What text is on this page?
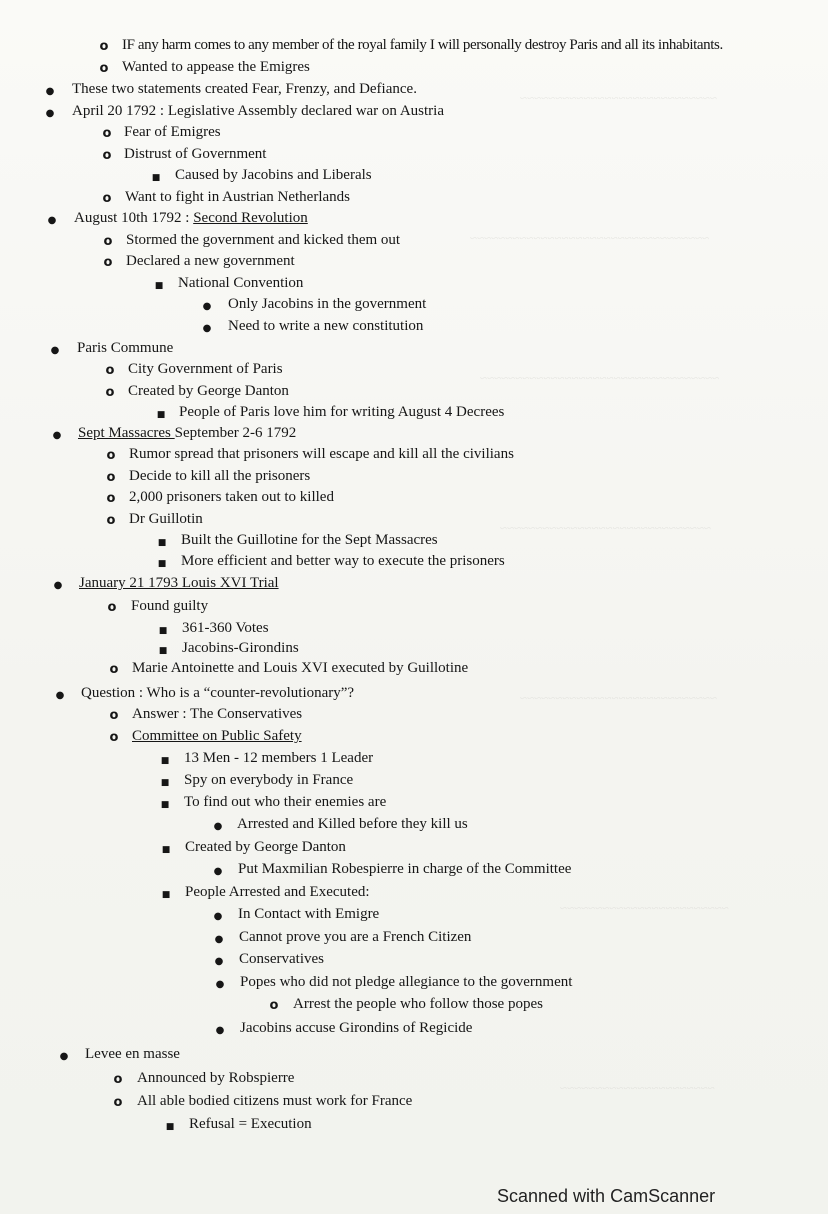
~~~~~~~~~~~~~~~~~~~~~~~~~~~~
~~~~~~~~~~~~~~~~~~~~~~~~~~~~~~~~~~
~~~~~~~~~~~~~~~~~~~~~~~~~~~~~~~~~~
~~~~~~~~~~~~~~~~~~~~~~~~~~~~~~
~~~~~~~~~~~~~~~~~~~~~~~~~~~~
~~~~~~~~~~~~~~~~~~~~~~~~
~~~~~~~~~~~~~~~~~~~~~~
o
IF any harm comes to any member of the royal family I will personally destroy Paris and all its inhabitants.
o
Wanted to appease the Emigres
●
These two statements created Fear, Frenzy, and Defiance.
●
April 20 1792 : Legislative Assembly declared war on Austria
o
Fear of Emigres
o
Distrust of Government
■
Caused by Jacobins and Liberals
o
Want to fight in Austrian Netherlands
●
August 10th 1792 : Second Revolution
o
Stormed the government and kicked them out
o
Declared a new government
■
National Convention
●
Only Jacobins in the government
●
Need to write a new constitution
●
Paris Commune
o
City Government of Paris
o
Created by George Danton
■
People of Paris love him for writing August 4 Decrees
●
Sept Massacres September 2-6 1792
o
Rumor spread that prisoners will escape and kill all the civilians
o
Decide to kill all the prisoners
o
2,000 prisoners taken out to killed
o
Dr Guillotin
■
Built the Guillotine for the Sept Massacres
■
More efficient and better way to execute the prisoners
●
January 21 1793 Louis XVI Trial
o
Found guilty
■
361-360 Votes
■
Jacobins-Girondins
o
Marie Antoinette and Louis XVI executed by Guillotine
●
Question : Who is a “counter-revolutionary”?
o
Answer : The Conservatives
o
Committee on Public Safety
■
13 Men - 12 members 1 Leader
■
Spy on everybody in France
■
To find out who their enemies are
●
Arrested and Killed before they kill us
■
Created by George Danton
●
Put Maxmilian Robespierre in charge of the Committee
■
People Arrested and Executed:
●
In Contact with Emigre
●
Cannot prove you are a French Citizen
●
Conservatives
●
Popes who did not pledge allegiance to the government
o
Arrest the people who follow those popes
●
Jacobins accuse Girondins of Regicide
●
Levee en masse
o
Announced by Robspierre
o
All able bodied citizens must work for France
■
Refusal = Execution
Scanned with CamScanner
